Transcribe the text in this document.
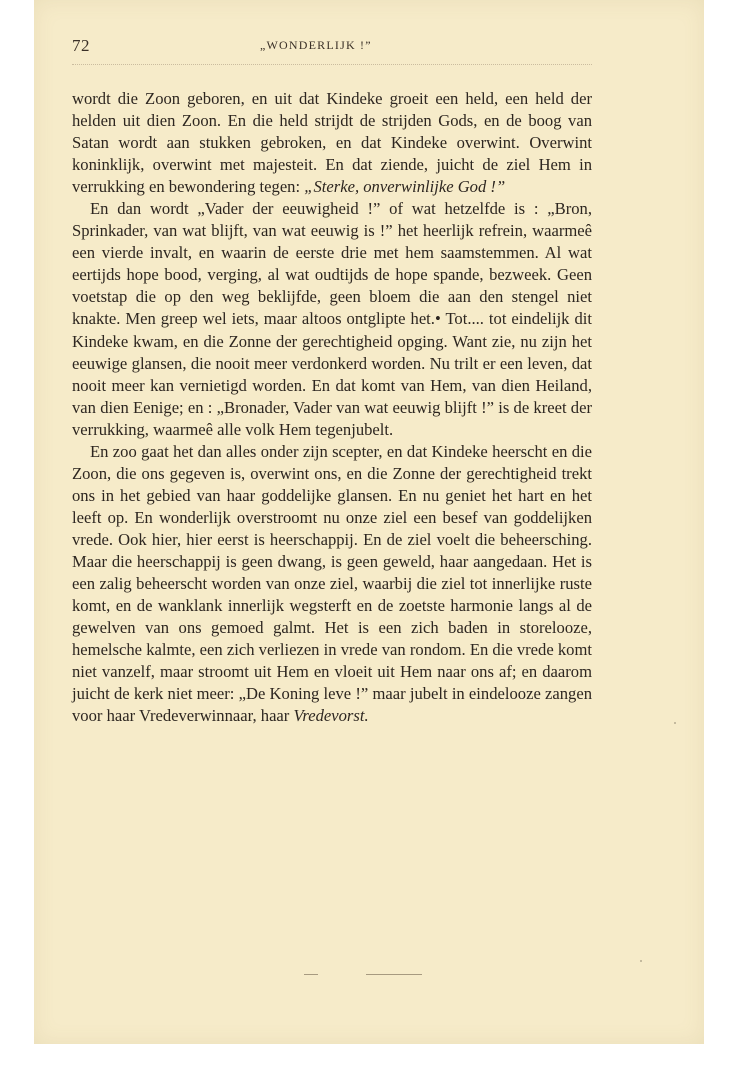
72	„WONDERLIJK !”

wordt die Zoon geboren, en uit dat Kindeke groeit een held, een held der helden uit dien Zoon. En die held strijdt de strijden Gods, en de boog van Satan wordt aan stukken gebroken, en dat Kindeke overwint. Overwint koninklijk, overwint met majesteit. En dat ziende, juicht de ziel Hem in verrukking en bewondering tegen: „Sterke, onverwinlijke God !”

En dan wordt „Vader der eeuwigheid !” of wat hetzelfde is : „Bron, Sprinkader, van wat blijft, van wat eeuwig is !” het heerlijk refrein, waarmeê een vierde invalt, en waarin de eerste drie met hem saamstemmen. Al wat eertijds hope bood, verging, al wat oudtijds de hope spande, bezweek. Geen voetstap die op den weg beklijfde, geen bloem die aan den stengel niet knakte. Men greep wel iets, maar altoos ontglipte het.• Tot.... tot eindelijk dit Kindeke kwam, en die Zonne der gerechtigheid opging. Want zie, nu zijn het eeuwige glansen, die nooit meer verdonkerd worden. Nu trilt er een leven, dat nooit meer kan vernietigd worden. En dat komt van Hem, van dien Heiland, van dien Eenige; en : „Bronader, Vader van wat eeuwig blijft !” is de kreet der verrukking, waarmeê alle volk Hem tegenjubelt.

En zoo gaat het dan alles onder zijn scepter, en dat Kindeke heerscht en die Zoon, die ons gegeven is, overwint ons, en die Zonne der gerechtigheid trekt ons in het gebied van haar goddelijke glansen. En nu geniet het hart en het leeft op. En wonderlijk overstroomt nu onze ziel een besef van goddelijken vrede. Ook hier, hier eerst is heerschappij. En de ziel voelt die beheersching. Maar die heerschappij is geen dwang, is geen geweld, haar aangedaan. Het is een zalig beheerscht worden van onze ziel, waarbij die ziel tot innerlijke ruste komt, en de wanklank innerlijk wegsterft en de zoetste harmonie langs al de gewelven van ons gemoed galmt. Het is een zich baden in storelooze, hemelsche kalmte, een zich verliezen in vrede van rondom. En die vrede komt niet vanzelf, maar stroomt uit Hem en vloeit uit Hem naar ons af; en daarom juicht de kerk niet meer: „De Koning leve !” maar jubelt in eindelooze zangen voor haar Vredeverwinnaar, haar Vredevorst.
